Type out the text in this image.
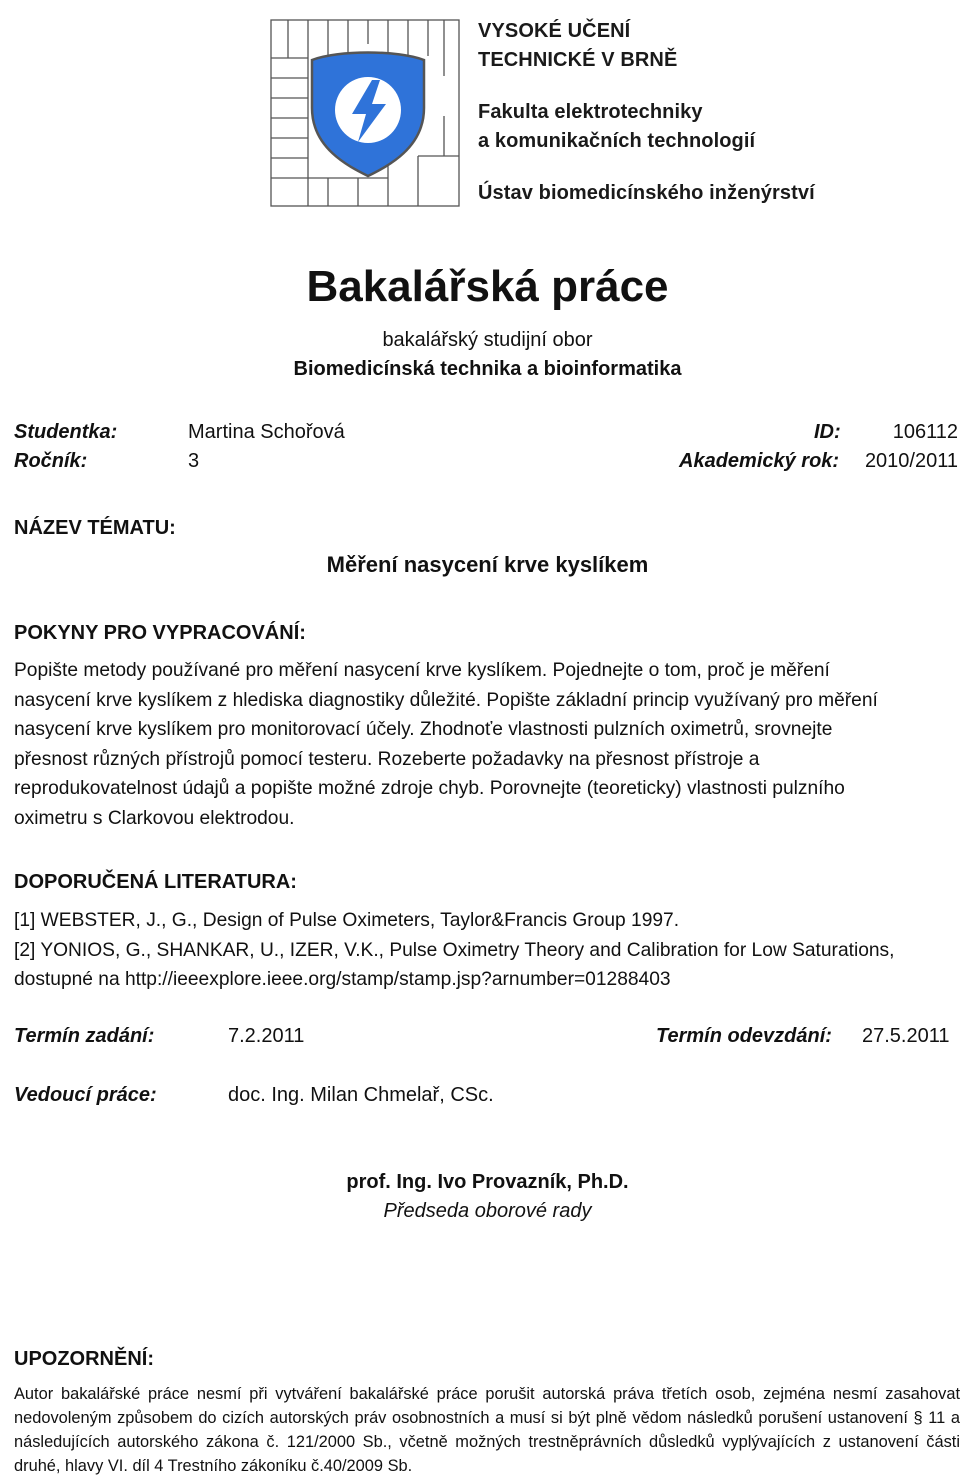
VYSOKÉ UČENÍ
TECHNICKÉ V BRNĚ
Fakulta elektrotechniky
a komunikačních technologií
Ústav biomedicínského inženýrství
Bakalářská práce
bakalářský studijní obor
Biomedicínská technika a bioinformatika
Studentka:	Martina Schořová	ID:	106112
Ročník:	3	Akademický rok: 2010/2011
NÁZEV TÉMATU:
Měření nasycení krve kyslíkem
POKYNY PRO VYPRACOVÁNÍ:

Popište metody používané pro měření nasycení krve kyslíkem. Pojednejte o tom, proč je měření

nasycení krve kyslíkem z hlediska diagnostiky důležité. Popište základní princip využívaný pro měření

nasycení krve kyslíkem pro monitorovací účely. Zhodnoťe vlastnosti pulzních oximetrů, srovnejte

přesnost různých přístrojů pomocí testeru. Rozeberte požadavky na přesnost přístroje a

reprodukovatelnost údajů a popište možné zdroje chyb. Porovnejte (teoreticky) vlastnosti pulzního

oximetru s Clarkovou elektrodou.

DOPORUČENÁ LITERATURA:

[1] WEBSTER, J., G., Design of Pulse Oximeters, Taylor&Francis Group 1997.

[2] YONIOS, G., SHANKAR, U., IZER, V.K., Pulse Oximetry Theory and Calibration for Low Saturations,

dostupné na http://ieeexplore.ieee.org/stamp/stamp.jsp?arnumber=01288403

Termín zadání:	7.2.2011	Termín odevzdání: 27.5.2011
Vedoucí práce:	doc. Ing. Milan Chmelař, CSc.
prof. Ing. Ivo Provazník, Ph.D.
Předseda oborové rady
UPOZORNĚNÍ:
Autor bakalářské práce nesmí při vytváření bakalářské práce porušit autorská práva třetích osob, zejména nesmí zasahovat nedovoleným způsobem do cizích autorských práv osobnostních a musí si být plně vědom následků porušení ustanovení § 11 a následujících autorského zákona č. 121/2000 Sb., včetně možných trestněprávních důsledků vyplývajících z ustanovení části druhé, hlavy VI. díl 4 Trestního zákoníku č.40/2009 Sb.
